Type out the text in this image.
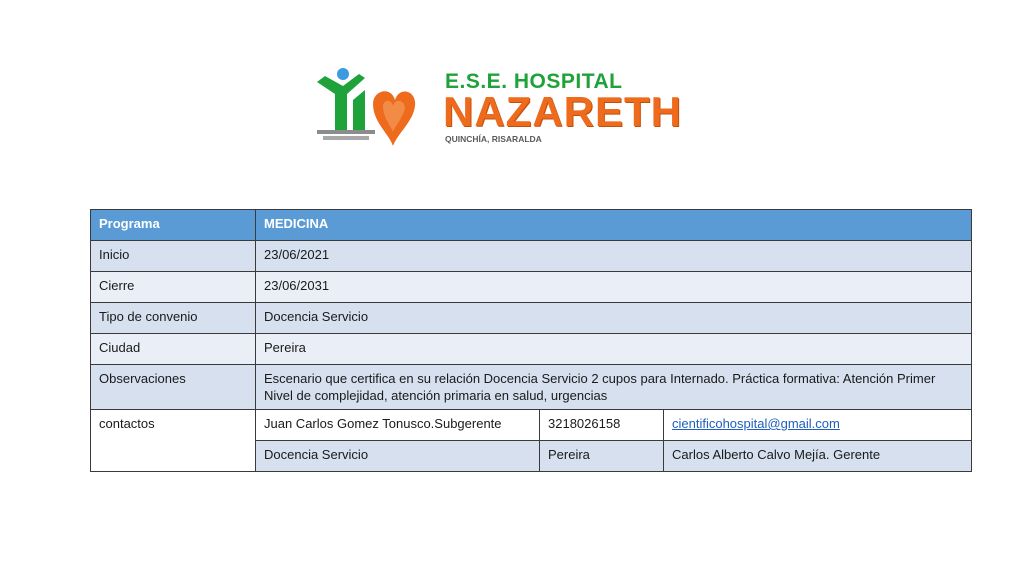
E.S.E. HOSPITAL
NAZARETH
QUINCHÍA, RISARALDA
Programa	MEDICINA		
Inicio	23/06/2021		
Cierre	23/06/2031		
Tipo de convenio	Docencia Servicio		
Ciudad	Pereira		
Observaciones	Escenario que certifica en su relación Docencia Servicio 2 cupos para Internado. Práctica formativa: Atención Primer Nivel de complejidad, atención primaria en salud, urgencias		
contactos	Juan Carlos Gomez Tonusco.Subgerente	3218026158	cientificohospital@gmail.com
	Docencia Servicio	Pereira	Carlos Alberto Calvo Mejía. Gerente
